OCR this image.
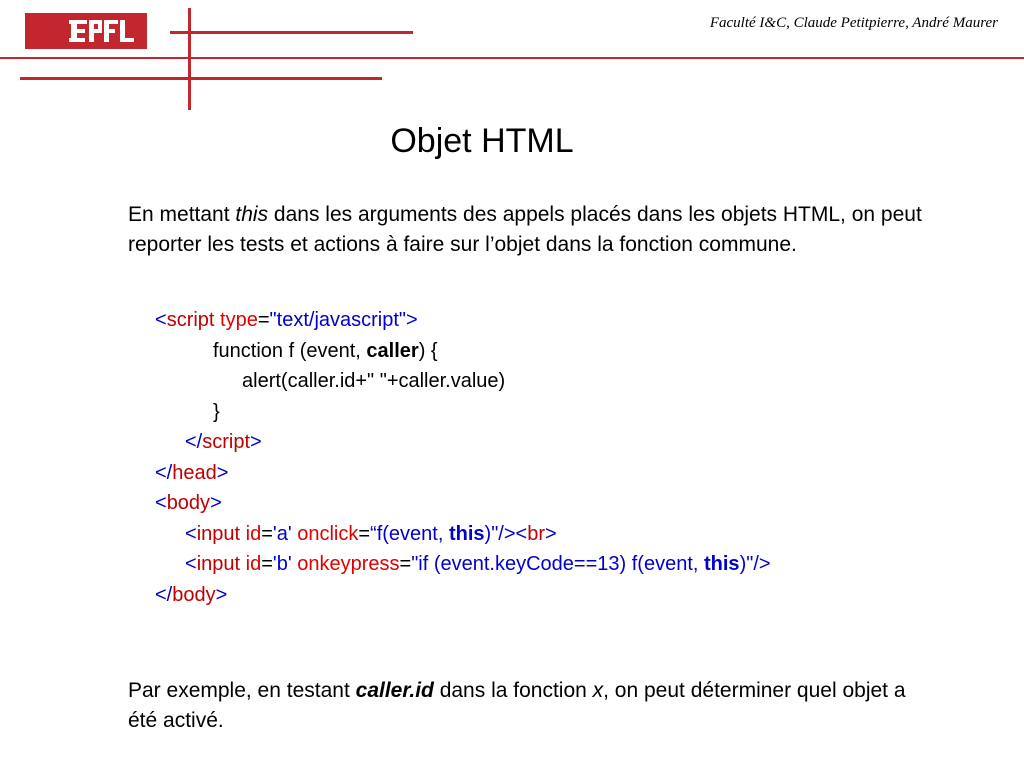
Faculté I&C, Claude Petitpierre, André Maurer
Objet HTML

En mettant this dans les arguments des appels placés dans les objets HTML, on peut reporter les tests et actions à faire sur l’objet dans la fonction commune.

<script type="text/javascript">
function f (event, caller) {
alert(caller.id+" "+caller.value)
}
</script>
</head>
<body>
<input id='a' onclick=“f(event, this)"/><br>
<input id='b' onkeypress="if (event.keyCode==13) f(event, this)"/>
</body>

Par exemple, en testant caller.id dans la fonction x, on peut déterminer quel objet a été activé.
